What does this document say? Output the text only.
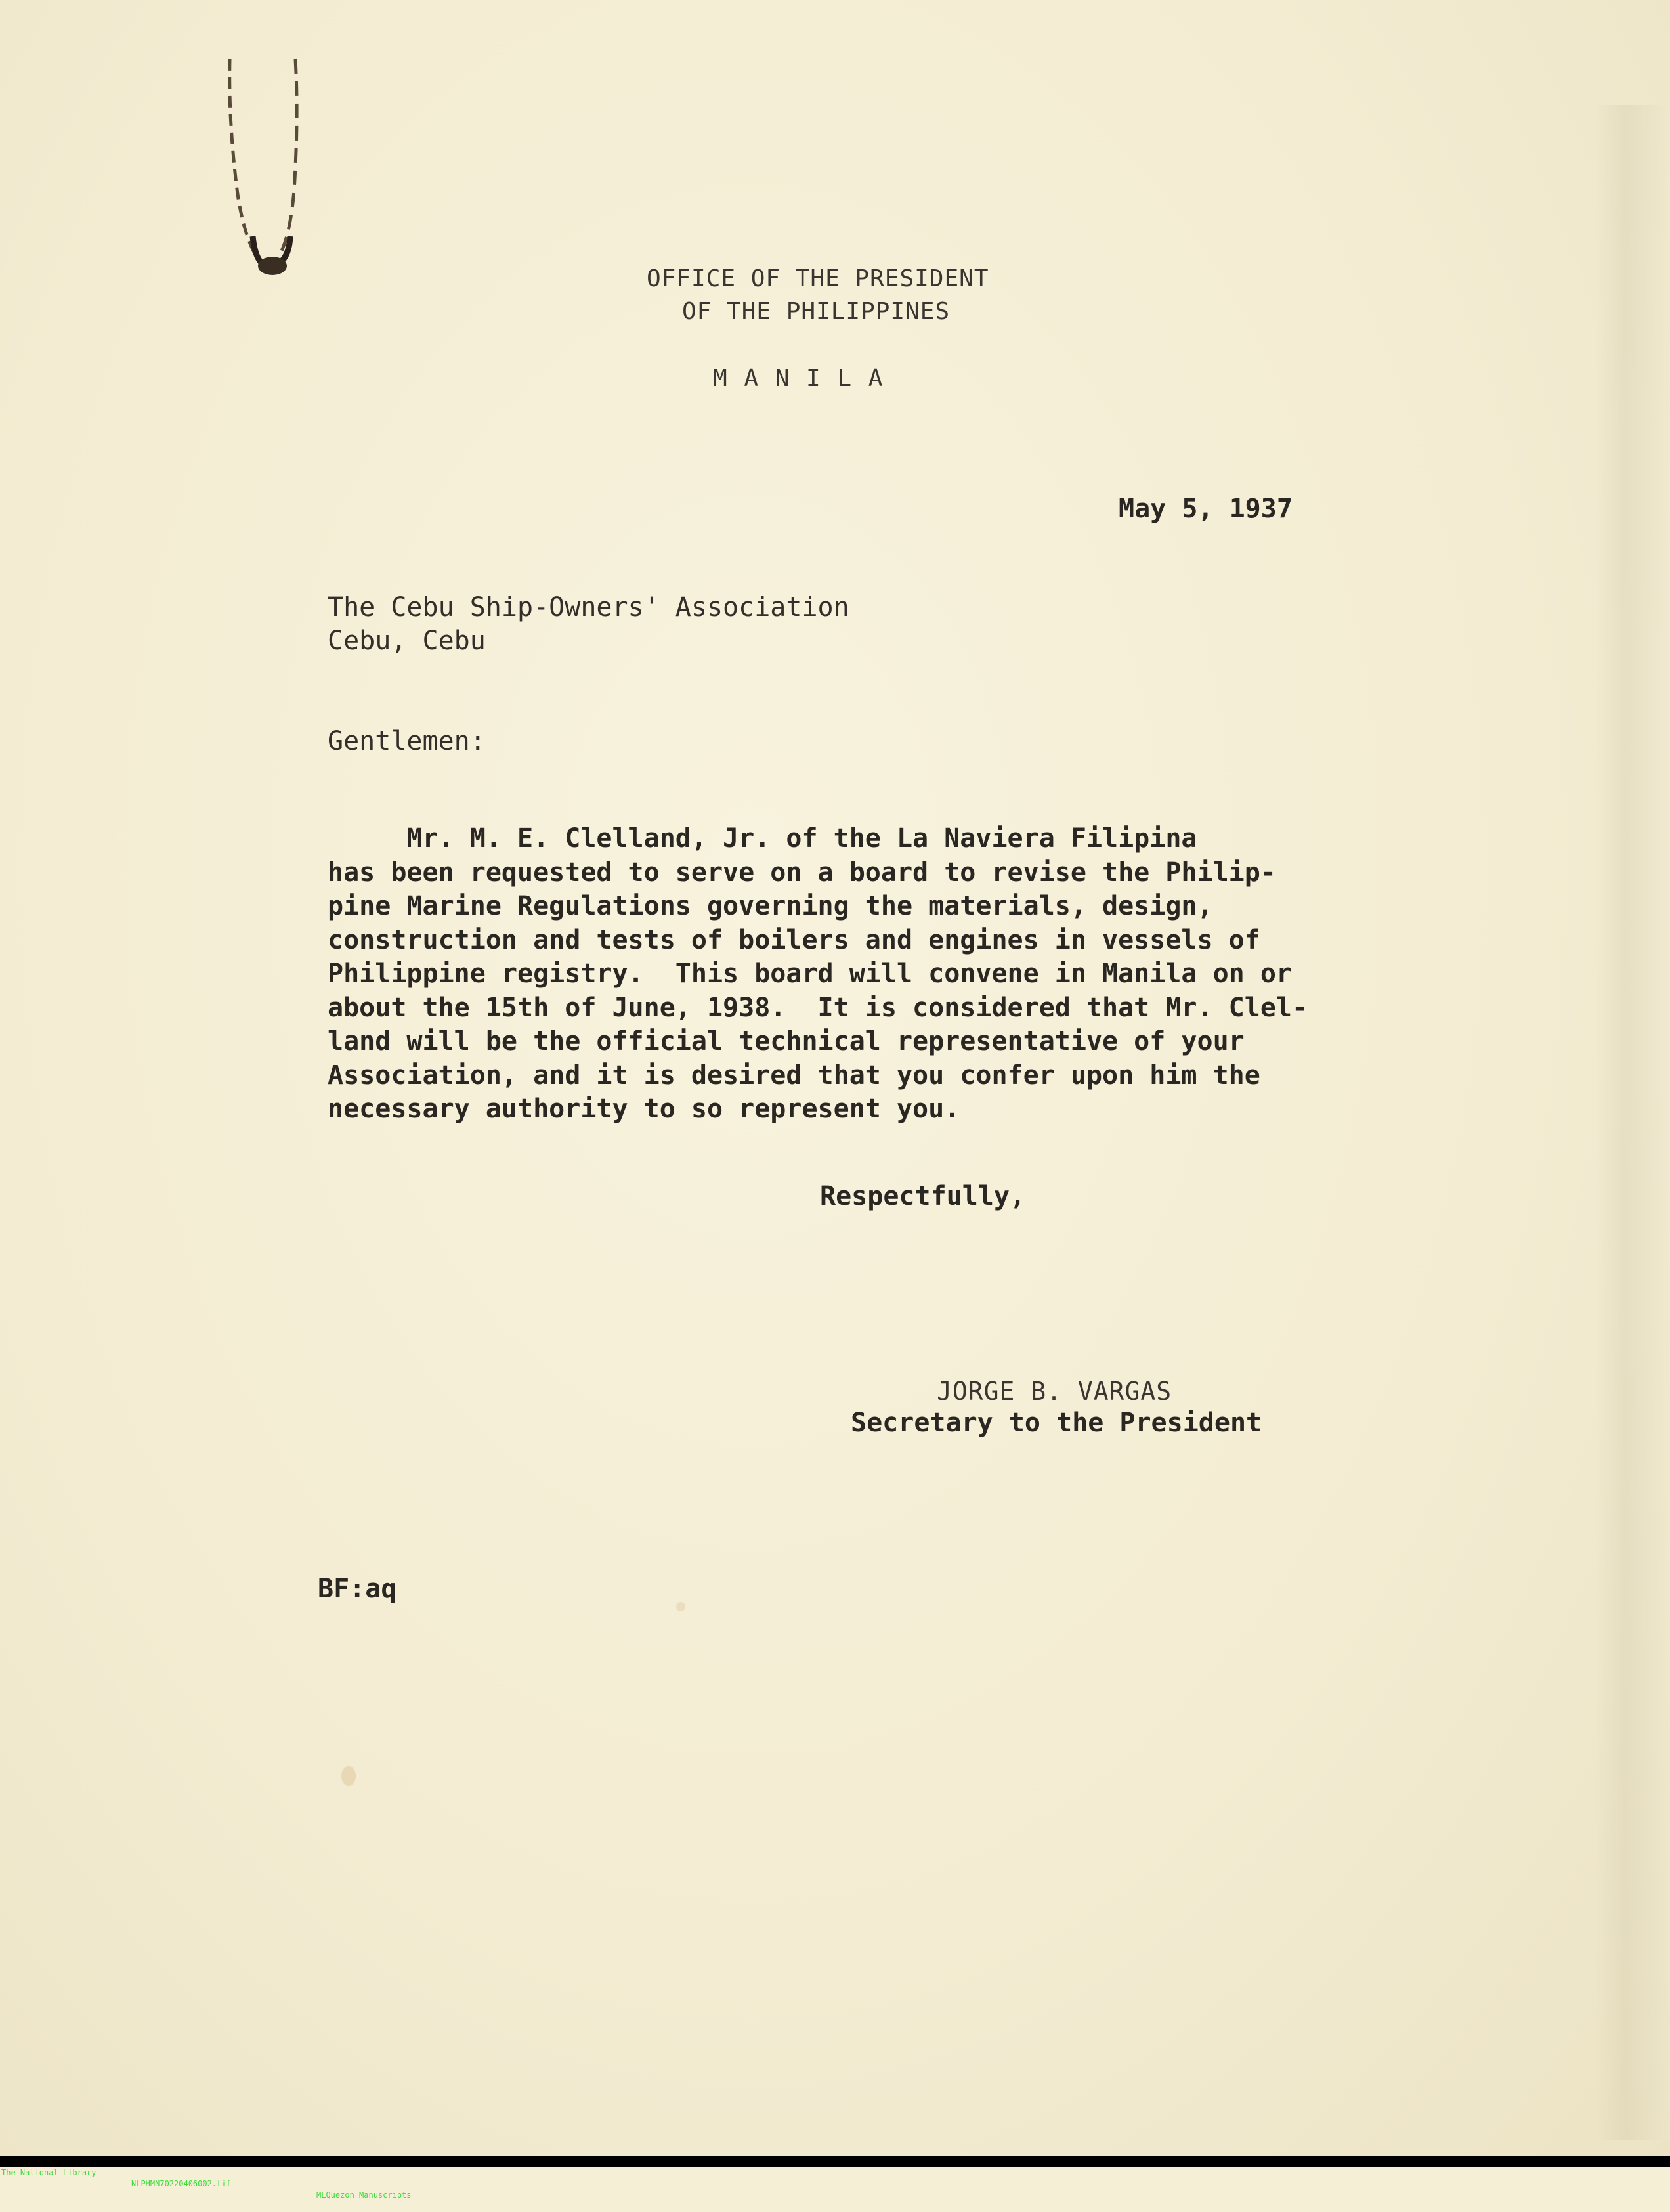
OFFICE OF THE PRESIDENT
OF THE PHILIPPINES
M A N I L A
May 5, 1937
The Cebu Ship-Owners' Association
Cebu, Cebu
Gentlemen:
Mr. M. E. Clelland, Jr. of the La Naviera Filipina
has been requested to serve on a board to revise the Philip-
pine Marine Regulations governing the materials, design,
construction and tests of boilers and engines in vessels of
Philippine registry.  This board will convene in Manila on or
about the 15th of June, 1938.  It is considered that Mr. Clel-
land will be the official technical representative of your
Association, and it is desired that you confer upon him the
necessary authority to so represent you.
Respectfully,
JORGE B. VARGAS
Secretary to the President
BF:aq

The National Library

NLPHMN70220406002.tif

MLQuezon Manuscripts
